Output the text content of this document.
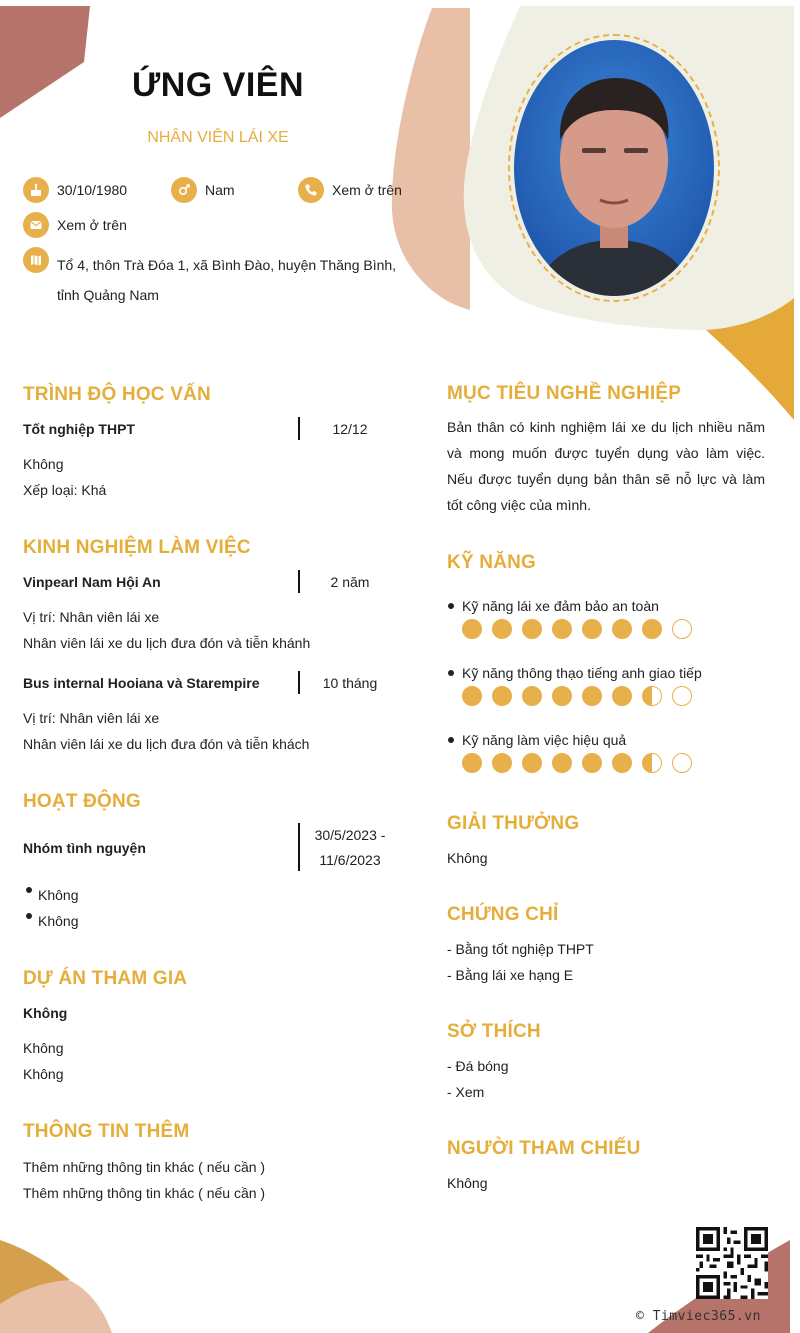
ỨNG VIÊN
NHÂN VIÊN LÁI XE
30/10/1980	Nam	Xem ở trên
Xem ở trên
Tổ 4, thôn Trà Đóa 1, xã Bình Đào, huyện Thăng Bình,
tỉnh Quảng Nam
TRÌNH ĐỘ HỌC VẤN
Tốt nghiệp THPT	12/12
Không
Xếp loại: Khá
KINH NGHIỆM LÀM VIỆC
Vinpearl Nam Hội An	2 năm
Vị trí: Nhân viên lái xe
Nhân viên lái xe du lịch đưa đón và tiễn khánh
Bus internal Hooiana và Starempire	10 tháng
Vị trí: Nhân viên lái xe
Nhân viên lái xe du lịch đưa đón và tiễn khách
HOẠT ĐỘNG
Nhóm tình nguyện
30/5/2023 -
11/6/2023
Không
Không
DỰ ÁN THAM GIA
Không
Không
Không
THÔNG TIN THÊM
Thêm những thông tin khác ( nếu cần )
Thêm những thông tin khác ( nếu cần )
MỤC TIÊU NGHỀ NGHIỆP
Bản thân có kinh nghiệm lái xe du lịch nhiều năm và mong muốn được tuyển dụng vào làm việc. Nếu được tuyển dụng bản thân sẽ nỗ lực và làm tốt công việc của mình.
KỸ NĂNG
Kỹ năng lái xe đảm bảo an toàn
Kỹ năng thông thạo tiếng anh giao tiếp
Kỹ năng làm việc hiệu quả
GIẢI THƯỞNG
Không
CHỨNG CHỈ
- Bằng tốt nghiệp THPT
- Bằng lái xe hạng E
SỞ THÍCH
- Đá bóng
- Xem
NGƯỜI THAM CHIẾU
Không
© Timviec365.vn
